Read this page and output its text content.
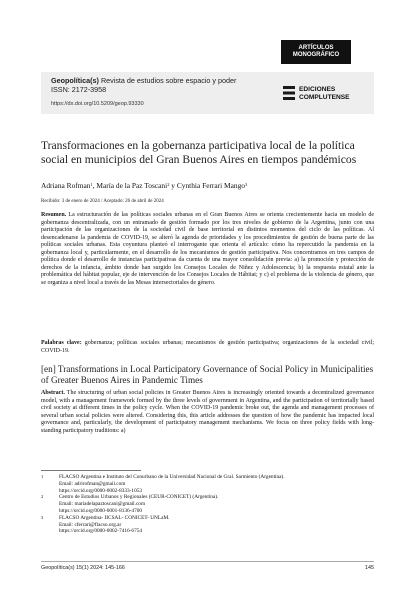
ARTÍCULOS
MONOGRÁFICO
Geopolítica(s) Revista de estudios sobre espacio y poder
ISSN: 2172-3958
https://dx.doi.org/10.5209/geop.93330
EDICIONES
COMPLUTENSE
Transformaciones en la gobernanza participativa local de la política social en municipios del Gran Buenos Aires en tiempos pandémicos
Adriana Rofman$^1$, María de la Paz Toscani$^2$ y Cynthia Ferrari Mango$^3$
Recibido: 3 de enero de 2024 / Aceptado: 26 de abril de 2024

Resumen. La estructuración de las políticas sociales urbanas en el Gran Buenos Aires se orienta crecientemente hacia un modelo de gobernanza descentralizada, con un entramado de gestión formado por los tres niveles de gobierno de la Argentina, junto con una participación de las organizaciones de la sociedad civil de base territorial en distintos momentos del ciclo de las políticas. Al desencadenarse la pandemia de COVID-19, se alteró la agenda de prioridades y los procedimientos de gestión de buena parte de las políticas sociales urbanas. Esta coyuntura planteó el interrogante que orienta el artículo: cómo ha repercutido la pandemia en la gobernanza local y, particularmente, en el desarrollo de los mecanismos de gestión participativa. Nos concentramos en tres campos de política donde el desarrollo de instancias participativas da cuenta de una mayor consolidación previa: a) la promoción y protección de derechos de la infancia, ámbito donde han surgido los Consejos Locales de Niñez y Adolescencia; b) la respuesta estatal ante la problemática del hábitat popular, eje de intervención de los Consejos Locales de Hábitat; y c) el problema de la violencia de género, que se organiza a nivel local a través de las Mesas intersectoriales de género.

Palabras clave: gobernanza; políticas sociales urbanas; mecanismos de gestión participativa; organizaciones de la sociedad civil; COVID-19.

[en] Transformations in Local Participatory Governance of Social Policy in Municipalities of Greater Buenos Aires in Pandemic Times

Abstract. The structuring of urban social policies in Greater Buenos Aires is increasingly oriented towards a decentralized governance model, with a management framework formed by the three levels of government in Argentina, and the participation of territorially based civil society at different times in the policy cycle. When the COVID-19 pandemic broke out, the agenda and management processes of several urban social policies were altered. Considering this, this article addresses the question of how the pandemic has impacted local governance and, particularly, the development of participatory management mechanisms. We focus on three policy fields with long-standing participatory traditions: a)

1	FLACSO Argentina e Instituto del Conurbano de la Universidad Nacional de Gral. Sarmiento (Argentina).
Email: adrirofman@gmail.com
https://orcid.org/0000-0002-8333-1053
2	Centro de Estudios Urbanos y Regionales (CEUR-CONICET) (Argentina).
Email: mariadelapaztoscani@gmail.com
https://orcid.org/0000-0001-8136-4700
3	FLACSO Argentina- IICSAL- CONICET- UNLaM.
Email: cferrari@flacso.org.ar
https://orcid.org/0000-0002-7416-6754
Geopolítica(s) 15(1) 2024: 145-166	145
